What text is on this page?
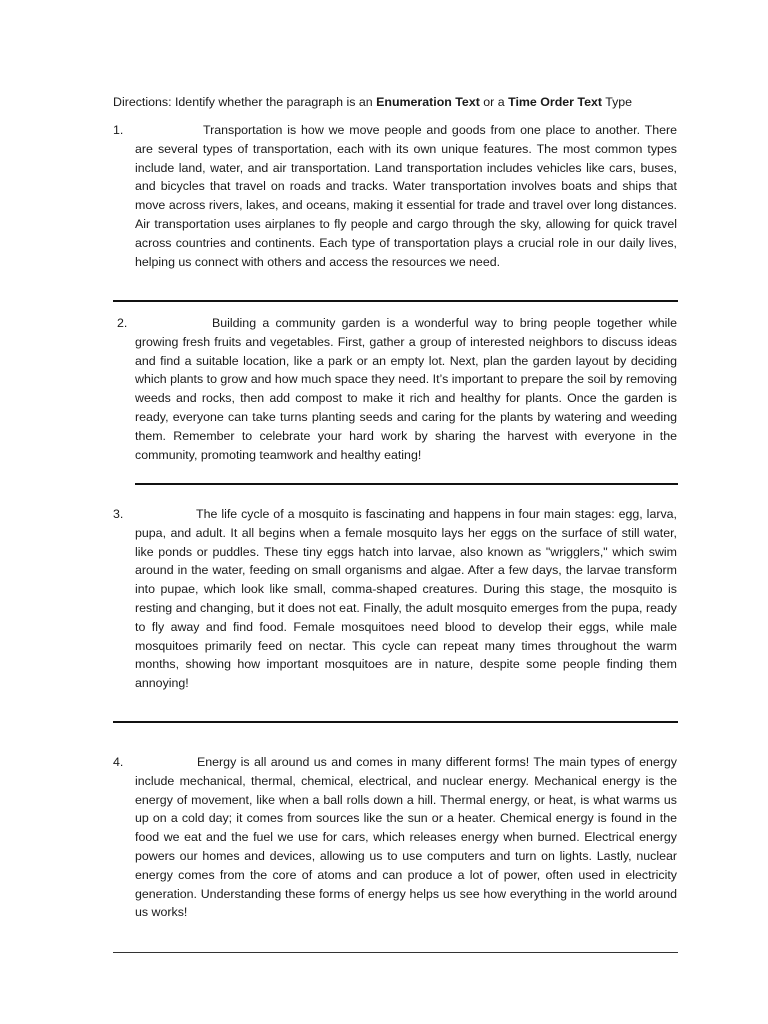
Directions: Identify whether the paragraph is an Enumeration Text or a Time Order Text Type
1.	Transportation is how we move people and goods from one place to another. There are several types of transportation, each with its own unique features. The most common types include land, water, and air transportation. Land transportation includes vehicles like cars, buses, and bicycles that travel on roads and tracks. Water transportation involves boats and ships that move across rivers, lakes, and oceans, making it essential for trade and travel over long distances. Air transportation uses airplanes to fly people and cargo through the sky, allowing for quick travel across countries and continents. Each type of transportation plays a crucial role in our daily lives, helping us connect with others and access the resources we need.
2.	Building a community garden is a wonderful way to bring people together while growing fresh fruits and vegetables. First, gather a group of interested neighbors to discuss ideas and find a suitable location, like a park or an empty lot. Next, plan the garden layout by deciding which plants to grow and how much space they need. It’s important to prepare the soil by removing weeds and rocks, then add compost to make it rich and healthy for plants. Once the garden is ready, everyone can take turns planting seeds and caring for the plants by watering and weeding them. Remember to celebrate your hard work by sharing the harvest with everyone in the community, promoting teamwork and healthy eating!
3.	The life cycle of a mosquito is fascinating and happens in four main stages: egg, larva, pupa, and adult. It all begins when a female mosquito lays her eggs on the surface of still water, like ponds or puddles. These tiny eggs hatch into larvae, also known as "wrigglers," which swim around in the water, feeding on small organisms and algae. After a few days, the larvae transform into pupae, which look like small, comma-shaped creatures. During this stage, the mosquito is resting and changing, but it does not eat. Finally, the adult mosquito emerges from the pupa, ready to fly away and find food. Female mosquitoes need blood to develop their eggs, while male mosquitoes primarily feed on nectar. This cycle can repeat many times throughout the warm months, showing how important mosquitoes are in nature, despite some people finding them annoying!
4.	Energy is all around us and comes in many different forms! The main types of energy include mechanical, thermal, chemical, electrical, and nuclear energy. Mechanical energy is the energy of movement, like when a ball rolls down a hill. Thermal energy, or heat, is what warms us up on a cold day; it comes from sources like the sun or a heater. Chemical energy is found in the food we eat and the fuel we use for cars, which releases energy when burned. Electrical energy powers our homes and devices, allowing us to use computers and turn on lights. Lastly, nuclear energy comes from the core of atoms and can produce a lot of power, often used in electricity generation. Understanding these forms of energy helps us see how everything in the world around us works!
